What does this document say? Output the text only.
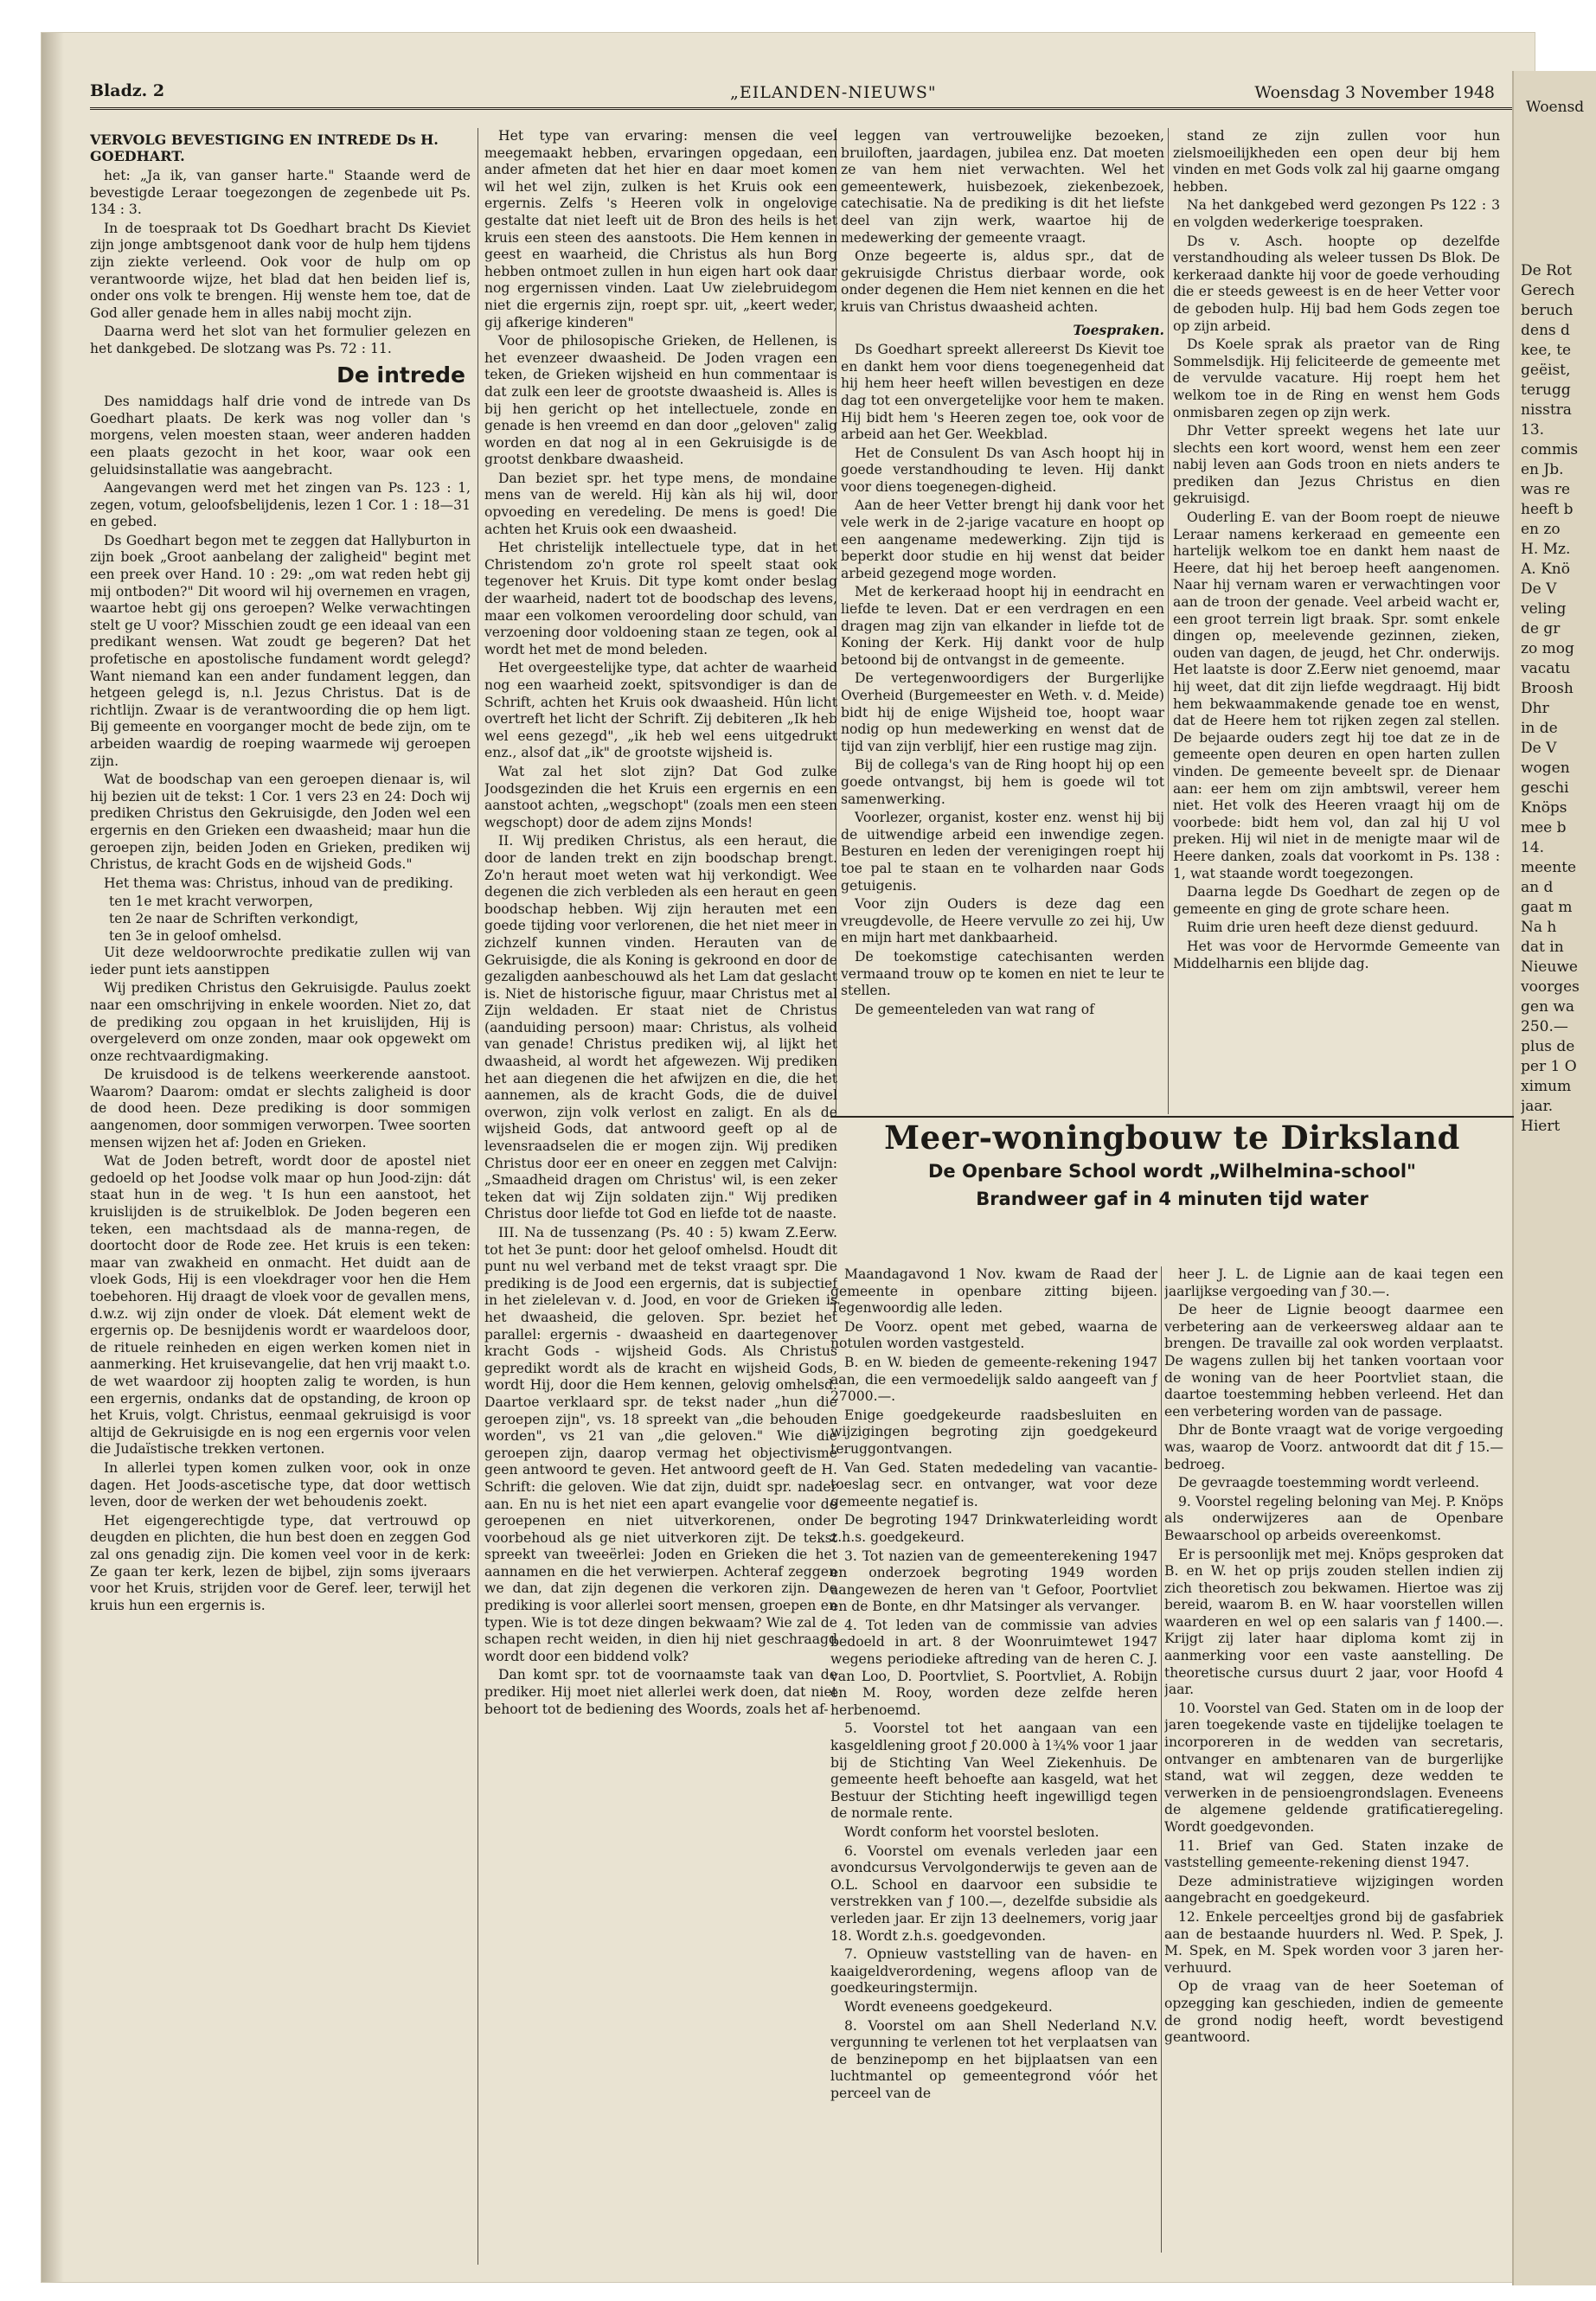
Woensd
De Rot
Gerech
beruch
dens d
kee, te
geëist,
terugg
nisstra
13.
commis
en Jb.
was re
heeft b
en zo
H. Mz.
A. Knö
De V
veling
de gr
zo mog
vacatu
Broosh
Dhr
in de
De V
wogen
geschi
Knöps
mee b
14.
meente
an d
gaat m
Na h
dat in
Nieuwe
voorges
gen wa
250.—
plus de
per 1 O
ximum
jaar.
Hiert
Bladz. 2	„EILANDEN-NIEUWS"	Woensdag 3 November 1948
VERVOLG BEVESTIGING EN INTREDE Ds H. GOEDHART.

het: „Ja ik, van ganser harte." Staande werd de bevestigde Leraar toegezongen de zegenbede uit Ps. 134 : 3.

In de toespraak tot Ds Goedhart bracht Ds Kieviet zijn jonge ambtsgenoot dank voor de hulp hem tijdens zijn ziekte verleend. Ook voor de hulp om op verantwoorde wijze, het blad dat hen beiden lief is, onder ons volk te brengen. Hij wenste hem toe, dat de God aller genade hem in alles nabij mocht zijn.

Daarna werd het slot van het formulier gelezen en het dankgebed. De slotzang was Ps. 72 : 11.

De intrede

Des namiddags half drie vond de intrede van Ds Goedhart plaats. De kerk was nog voller dan 's morgens, velen moesten staan, weer anderen hadden een plaats gezocht in het koor, waar ook een geluidsinstallatie was aangebracht.

Aangevangen werd met het zingen van Ps. 123 : 1, zegen, votum, geloofsbelijdenis, lezen 1 Cor. 1 : 18—31 en gebed.

Ds Goedhart begon met te zeggen dat Hallyburton in zijn boek „Groot aanbelang der zaligheid" begint met een preek over Hand. 10 : 29: „om wat reden hebt gij mij ontboden?" Dit woord wil hij overnemen en vragen, waartoe hebt gij ons geroepen? Welke verwachtingen stelt ge U voor? Misschien zoudt ge een ideaal van een predikant wensen. Wat zoudt ge begeren? Dat het profetische en apostolische fundament wordt gelegd? Want niemand kan een ander fundament leggen, dan hetgeen gelegd is, n.l. Jezus Christus. Dat is de richtlijn. Zwaar is de verantwoording die op hem ligt. Bij gemeente en voorganger mocht de bede zijn, om te arbeiden waardig de roeping waarmede wij geroepen zijn.

Wat de boodschap van een geroepen dienaar is, wil hij bezien uit de tekst: 1 Cor. 1 vers 23 en 24: Doch wij prediken Christus den Gekruisigde, den Joden wel een ergernis en den Grieken een dwaasheid; maar hun die geroepen zijn, beiden Joden en Grieken, prediken wij Christus, de kracht Gods en de wijsheid Gods."

Het thema was: Christus, inhoud van de prediking.

ten 1e met kracht verworpen,

ten 2e naar de Schriften verkondigt,

ten 3e in geloof omhelsd.

Uit deze weldoorwrochte predikatie zullen wij van ieder punt iets aanstippen

Wij prediken Christus den Gekruisigde. Paulus zoekt naar een omschrijving in enkele woorden. Niet zo, dat de prediking zou opgaan in het kruislijden, Hij is overgeleverd om onze zonden, maar ook opgewekt om onze rechtvaardigmaking.

De kruisdood is de telkens weerkerende aanstoot. Waarom? Daarom: omdat er slechts zaligheid is door de dood heen. Deze prediking is door sommigen aangenomen, door sommigen verworpen. Twee soorten mensen wijzen het af: Joden en Grieken.

Wat de Joden betreft, wordt door de apostel niet gedoeld op het Joodse volk maar op hun Jood-zijn: dát staat hun in de weg. 't Is hun een aanstoot, het kruislijden is de struikelblok. De Joden begeren een teken, een machtsdaad als de manna-regen, de doortocht door de Rode zee. Het kruis is een teken: maar van zwakheid en onmacht. Het duidt aan de vloek Gods, Hij is een vloekdrager voor hen die Hem toebehoren. Hij draagt de vloek voor de gevallen mens, d.w.z. wij zijn onder de vloek. Dát element wekt de ergernis op. De besnijdenis wordt er waardeloos door, de rituele reinheden en eigen werken komen niet in aanmerking. Het kruisevangelie, dat hen vrij maakt t.o. de wet waardoor zij hoopten zalig te worden, is hun een ergernis, ondanks dat de opstanding, de kroon op het Kruis, volgt. Christus, eenmaal gekruisigd is voor altijd de Gekruisigde en is nog een ergernis voor velen die Judaïstische trekken vertonen.

In allerlei typen komen zulken voor, ook in onze dagen. Het Joods-ascetische type, dat door wettisch leven, door de werken der wet behoudenis zoekt.

Het eigengerechtigde type, dat vertrouwd op deugden en plichten, die hun best doen en zeggen God zal ons genadig zijn. Die komen veel voor in de kerk: Ze gaan ter kerk, lezen de bijbel, zijn soms ijveraars voor het Kruis, strijden voor de Geref. leer, terwijl het kruis hun een ergernis is.

Het type van ervaring: mensen die veel meegemaakt hebben, ervaringen opgedaan, een ander afmeten dat het hier en daar moet komen wil het wel zijn, zulken is het Kruis ook een ergernis. Zelfs 's Heeren volk in ongelovige gestalte dat niet leeft uit de Bron des heils is het kruis een steen des aanstoots. Die Hem kennen in geest en waarheid, die Christus als hun Borg hebben ontmoet zullen in hun eigen hart ook daar nog ergernissen vinden. Laat Uw zielebruidegom niet die ergernis zijn, roept spr. uit, „keert weder, gij afkerige kinderen"

Voor de philosopische Grieken, de Hellenen, is het evenzeer dwaasheid. De Joden vragen een teken, de Grieken wijsheid en hun commentaar is dat zulk een leer de grootste dwaasheid is. Alles is bij hen gericht op het intellectuele, zonde en genade is hen vreemd en dan door „geloven" zalig worden en dat nog al in een Gekruisigde is de grootst denkbare dwaasheid.

Dan beziet spr. het type mens, de mondaine mens van de wereld. Hij kàn als hij wil, door opvoeding en veredeling. De mens is goed! Die achten het Kruis ook een dwaasheid.

Het christelijk intellectuele type, dat in het Christendom zo'n grote rol speelt staat ook tegenover het Kruis. Dit type komt onder beslag der waarheid, nadert tot de boodschap des levens, maar een volkomen veroordeling door schuld, van verzoening door voldoening staan ze tegen, ook al wordt het met de mond beleden.

Het overgeestelijke type, dat achter de waarheid nog een waarheid zoekt, spitsvondiger is dan de Schrift, achten het Kruis ook dwaasheid. Hûn licht overtreft het licht der Schrift. Zij debiteren „Ik heb wel eens gezegd", „ik heb wel eens uitgedrukt enz., alsof dat „ik" de grootste wijsheid is.

Wat zal het slot zijn? Dat God zulke Joodsgezinden die het Kruis een ergernis en een aanstoot achten, „wegschopt" (zoals men een steen wegschopt) door de adem zijns Monds!

II. Wij prediken Christus, als een heraut, die door de landen trekt en zijn boodschap brengt. Zo'n heraut moet weten wat hij verkondigt. Wee degenen die zich verbleden als een heraut en geen boodschap hebben. Wij zijn herauten met een goede tijding voor verlorenen, die het niet meer in zichzelf kunnen vinden. Herauten van de Gekruisigde, die als Koning is gekroond en door de gezaligden aanbeschouwd als het Lam dat geslacht is. Niet de historische figuur, maar Christus met al Zijn weldaden. Er staat niet de Christus (aanduiding persoon) maar: Christus, als volheid van genade! Christus prediken wij, al lijkt het dwaasheid, al wordt het afgewezen. Wij prediken het aan diegenen die het afwijzen en die, die het aannemen, als de kracht Gods, die de duivel overwon, zijn volk verlost en zaligt. En als de wijsheid Gods, dat antwoord geeft op al de levensraadselen die er mogen zijn. Wij prediken Christus door eer en oneer en zeggen met Calvijn: „Smaadheid dragen om Christus' wil, is een zeker teken dat wij Zijn soldaten zijn." Wij prediken Christus door liefde tot God en liefde tot de naaste.

III. Na de tussenzang (Ps. 40 : 5) kwam Z.Eerw. tot het 3e punt: door het geloof omhelsd. Houdt dit punt nu wel verband met de tekst vraagt spr. Die prediking is de Jood een ergernis, dat is subjectief in het zielelevan v. d. Jood, en voor de Grieken is het dwaasheid, die geloven. Spr. beziet het parallel: ergernis - dwaasheid en daartegenover kracht Gods - wijsheid Gods. Als Christus gepredikt wordt als de kracht en wijsheid Gods, wordt Hij, door die Hem kennen, gelovig omhelsd. Daartoe verklaard spr. de tekst nader „hun die geroepen zijn", vs. 18 spreekt van „die behouden worden", vs 21 van „die geloven." Wie die geroepen zijn, daarop vermag het objectivisme geen antwoord te geven. Het antwoord geeft de H. Schrift: die geloven. Wie dat zijn, duidt spr. nader aan. En nu is het niet een apart evangelie voor de geroepenen en niet uitverkorenen, onder voorbehoud als ge niet uitverkoren zijt. De tekst spreekt van tweeërlei: Joden en Grieken die het aannamen en die het verwierpen. Achteraf zeggen we dan, dat zijn degenen die verkoren zijn. De prediking is voor allerlei soort mensen, groepen en typen. Wie is tot deze dingen bekwaam? Wie zal de schapen recht weiden, in dien hij niet geschraagd wordt door een biddend volk?

Dan komt spr. tot de voornaamste taak van de prediker. Hij moet niet allerlei werk doen, dat niet behoort tot de bediening des Woords, zoals het af-

leggen van vertrouwelijke bezoeken, bruiloften, jaardagen, jubilea enz. Dat moeten ze van hem niet verwachten. Wel het gemeentewerk, huisbezoek, ziekenbezoek, catechisatie. Na de prediking is dit het liefste deel van zijn werk, waartoe hij de medewerking der gemeente vraagt.

Onze begeerte is, aldus spr., dat de gekruisigde Christus dierbaar worde, ook onder degenen die Hem niet kennen en die het kruis van Christus dwaasheid achten.

Toespraken.

Ds Goedhart spreekt allereerst Ds Kievit toe en dankt hem voor diens toegenegenheid dat hij hem heer heeft willen bevestigen en deze dag tot een onvergetelijke voor hem te maken. Hij bidt hem 's Heeren zegen toe, ook voor de arbeid aan het Ger. Weekblad.

Het de Consulent Ds van Asch hoopt hij in goede verstandhouding te leven. Hij dankt voor diens toegenegen-digheid.

Aan de heer Vetter brengt hij dank voor het vele werk in de 2-jarige vacature en hoopt op een aangename medewerking. Zijn tijd is beperkt door studie en hij wenst dat beider arbeid gezegend moge worden.

Met de kerkeraad hoopt hij in eendracht en liefde te leven. Dat er een verdragen en een dragen mag zijn van elkander in liefde tot de Koning der Kerk. Hij dankt voor de hulp betoond bij de ontvangst in de gemeente.

De vertegenwoordigers der Burgerlijke Overheid (Burgemeester en Weth. v. d. Meide) bidt hij de enige Wijsheid toe, hoopt waar nodig op hun medewerking en wenst dat de tijd van zijn verblijf, hier een rustige mag zijn.

Bij de collega's van de Ring hoopt hij op een goede ontvangst, bij hem is goede wil tot samenwerking.

Voorlezer, organist, koster enz. wenst hij bij de uitwendige arbeid een inwendige zegen. Besturen en leden der verenigingen roept hij toe pal te staan en te volharden naar Gods getuigenis.

Voor zijn Ouders is deze dag een vreugdevolle, de Heere vervulle zo zei hij, Uw en mijn hart met dankbaarheid.

De toekomstige catechisanten werden vermaand trouw op te komen en niet te leur te stellen.

De gemeenteleden van wat rang of

stand ze zijn zullen voor hun zielsmoeilijkheden een open deur bij hem vinden en met Gods volk zal hij gaarne omgang hebben.

Na het dankgebed werd gezongen Ps 122 : 3 en volgden wederkerige toespraken.

Ds v. Asch. hoopte op dezelfde verstandhouding als weleer tussen Ds Blok. De kerkeraad dankte hij voor de goede verhouding die er steeds geweest is en de heer Vetter voor de geboden hulp. Hij bad hem Gods zegen toe op zijn arbeid.

Ds Koele sprak als praetor van de Ring Sommelsdijk. Hij feliciteerde de gemeente met de vervulde vacature. Hij roept hem het welkom toe in de Ring en wenst hem Gods onmisbaren zegen op zijn werk.

Dhr Vetter spreekt wegens het late uur slechts een kort woord, wenst hem een zeer nabij leven aan Gods troon en niets anders te prediken dan Jezus Christus en dien gekruisigd.

Ouderling E. van der Boom roept de nieuwe Leraar namens kerkeraad en gemeente een hartelijk welkom toe en dankt hem naast de Heere, dat hij het beroep heeft aangenomen. Naar hij vernam waren er verwachtingen voor aan de troon der genade. Veel arbeid wacht er, een groot terrein ligt braak. Spr. somt enkele dingen op, meelevende gezinnen, zieken, ouden van dagen, de jeugd, het Chr. onderwijs. Het laatste is door Z.Eerw niet genoemd, maar hij weet, dat dit zijn liefde wegdraagt. Hij bidt hem bekwaammakende genade toe en wenst, dat de Heere hem tot rijken zegen zal stellen. De bejaarde ouders zegt hij toe dat ze in de gemeente open deuren en open harten zullen vinden. De gemeente beveelt spr. de Dienaar aan: eer hem om zijn ambtswil, vereer hem niet. Het volk des Heeren vraagt hij om de voorbede: bidt hem vol, dan zal hij U vol preken. Hij wil niet in de menigte maar wil de Heere danken, zoals dat voorkomt in Ps. 138 : 1, wat staande wordt toegezongen.

Daarna legde Ds Goedhart de zegen op de gemeente en ging de grote schare heen.

Ruim drie uren heeft deze dienst geduurd.

Het was voor de Hervormde Gemeente van Middelharnis een blijde dag.

Meer-woningbouw te Dirksland
De Openbare School wordt „Wilhelmina-school"
Brandweer gaf in 4 minuten tijd water

Maandagavond 1 Nov. kwam de Raad der gemeente in openbare zitting bijeen. Tegenwoordig alle leden.

De Voorz. opent met gebed, waarna de notulen worden vastgesteld.

B. en W. bieden de gemeente-rekening 1947 aan, die een vermoedelijk saldo aangeeft van ƒ 27000.—.

Enige goedgekeurde raadsbesluiten en wijzigingen begroting zijn goedgekeurd teruggontvangen.

Van Ged. Staten mededeling van vacantie-toeslag secr. en ontvanger, wat voor deze gemeente negatief is.

De begroting 1947 Drinkwaterleiding wordt z.h.s. goedgekeurd.

3. Tot nazien van de gemeenterekening 1947 en onderzoek begroting 1949 worden aangewezen de heren van 't Gefoor, Poortvliet en de Bonte, en dhr Matsinger als vervanger.

4. Tot leden van de commissie van advies bedoeld in art. 8 der Woonruimtewet 1947 wegens periodieke aftreding van de heren C. J. van Loo, D. Poortvliet, S. Poortvliet, A. Robijn en M. Rooy, worden deze zelfde heren herbenoemd.

5. Voorstel tot het aangaan van een kasgeldlening groot ƒ 20.000 à 1¾% voor 1 jaar bij de Stichting Van Weel Ziekenhuis. De gemeente heeft behoefte aan kasgeld, wat het Bestuur der Stichting heeft ingewilligd tegen de normale rente.

Wordt conform het voorstel besloten.

6. Voorstel om evenals verleden jaar een avondcursus Vervolgonderwijs te geven aan de O.L. School en daarvoor een subsidie te verstrekken van ƒ 100.—, dezelfde subsidie als verleden jaar. Er zijn 13 deelnemers, vorig jaar 18. Wordt z.h.s. goedgevonden.

7. Opnieuw vaststelling van de haven- en kaaigeldverordening, wegens afloop van de goedkeuringstermijn.

Wordt eveneens goedgekeurd.

8. Voorstel om aan Shell Nederland N.V. vergunning te verlenen tot het verplaatsen van de benzinepomp en het bijplaatsen van een luchtmantel op gemeentegrond vóór het perceel van de

heer J. L. de Lignie aan de kaai tegen een jaarlijkse vergoeding van ƒ 30.—.

De heer de Lignie beoogt daarmee een verbetering aan de verkeersweg aldaar aan te brengen. De travaille zal ook worden verplaatst. De wagens zullen bij het tanken voortaan voor de woning van de heer Poortvliet staan, die daartoe toestemming hebben verleend. Het dan een verbetering worden van de passage.

Dhr de Bonte vraagt wat de vorige vergoeding was, waarop de Voorz. antwoordt dat dit ƒ 15.— bedroeg.

De gevraagde toestemming wordt verleend.

9. Voorstel regeling beloning van Mej. P. Knöps als onderwijzeres aan de Openbare Bewaarschool op arbeids overeenkomst.

Er is persoonlijk met mej. Knöps gesproken dat B. en W. het op prijs zouden stellen indien zij zich theoretisch zou bekwamen. Hiertoe was zij bereid, waarom B. en W. haar voorstellen willen waarderen en wel op een salaris van ƒ 1400.—. Krijgt zij later haar diploma komt zij in aanmerking voor een vaste aanstelling. De theoretische cursus duurt 2 jaar, voor Hoofd 4 jaar.

10. Voorstel van Ged. Staten om in de loop der jaren toegekende vaste en tijdelijke toelagen te incorporeren in de wedden van secretaris, ontvanger en ambtenaren van de burgerlijke stand, wat wil zeggen, deze wedden te verwerken in de pensioengrondslagen. Eveneens de algemene geldende gratificatieregeling. Wordt goedgevonden.

11. Brief van Ged. Staten inzake de vaststelling gemeente-rekening dienst 1947.

Deze administratieve wijzigingen worden aangebracht en goedgekeurd.

12. Enkele perceeltjes grond bij de gasfabriek aan de bestaande huurders nl. Wed. P. Spek, J. M. Spek, en M. Spek worden voor 3 jaren her-verhuurd.

Op de vraag van de heer Soeteman of opzegging kan geschieden, indien de gemeente de grond nodig heeft, wordt bevestigend geantwoord.
